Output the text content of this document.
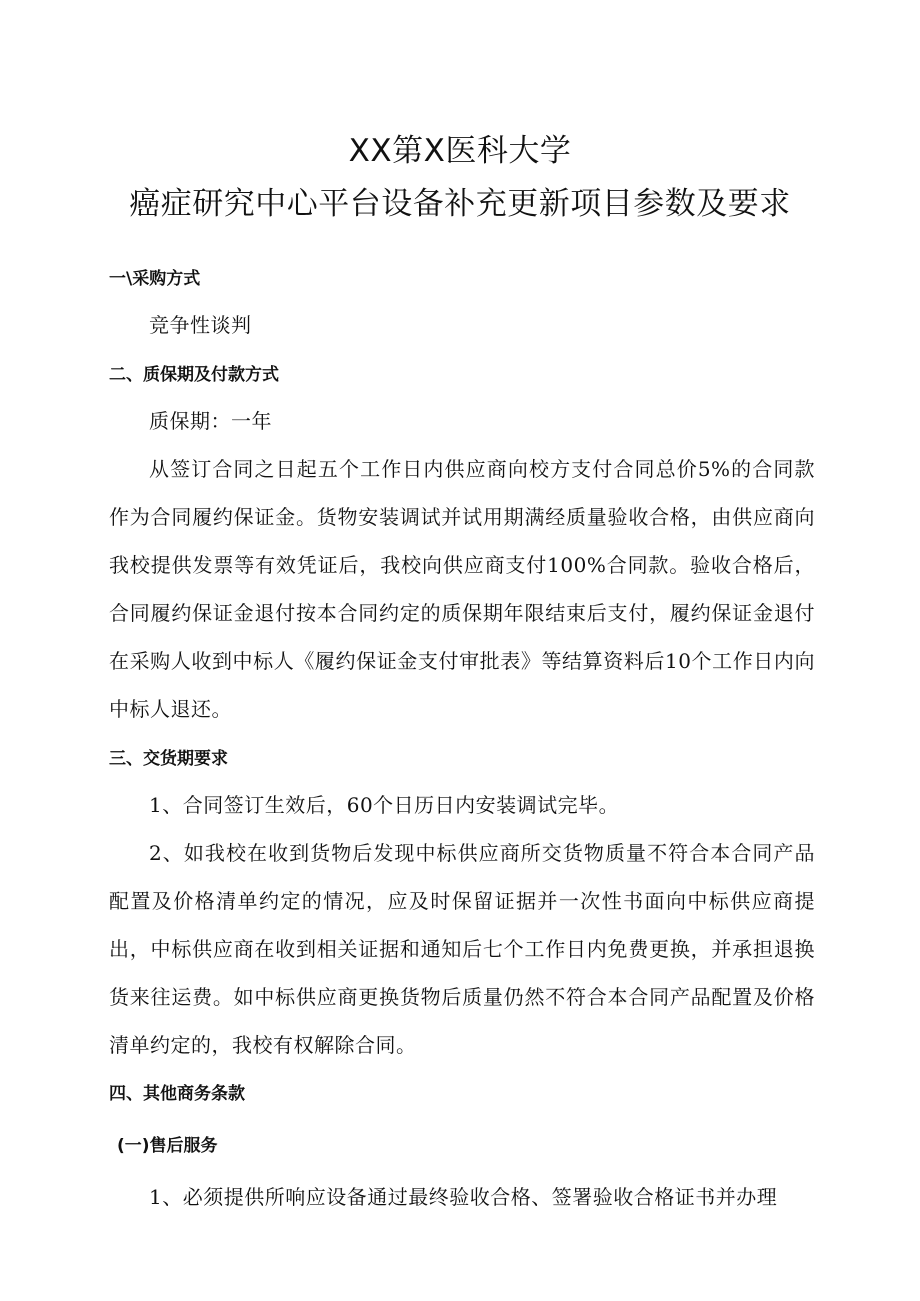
XX第X医科大学
癌症研究中心平台设备补充更新项目参数及要求
一\采购方式

竞争性谈判

二、质保期及付款方式

质保期：一年

从签订合同之日起五个工作日内供应商向校方支付合同总价5%的合同款作为合同履约保证金。货物安装调试并试用期满经质量验收合格，由供应商向我校提供发票等有效凭证后，我校向供应商支付100%合同款。验收合格后，合同履约保证金退付按本合同约定的质保期年限结束后支付，履约保证金退付在采购人收到中标人《履约保证金支付审批表》等结算资料后10个工作日内向中标人退还。

三、交货期要求

1、合同签订生效后，60个日历日内安装调试完毕。

2、如我校在收到货物后发现中标供应商所交货物质量不符合本合同产品配置及价格清单约定的情况，应及时保留证据并一次性书面向中标供应商提出，中标供应商在收到相关证据和通知后七个工作日内免费更换，并承担退换货来往运费。如中标供应商更换货物后质量仍然不符合本合同产品配置及价格清单约定的，我校有权解除合同。

四、其他商务条款
(一)售后服务

1、必须提供所响应设备通过最终验收合格、签署验收合格证书并办理
